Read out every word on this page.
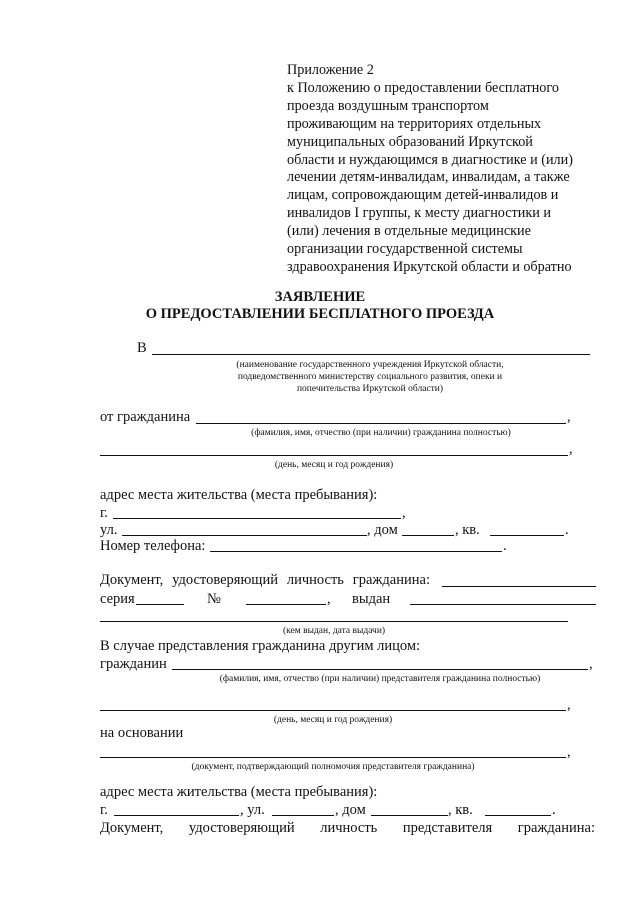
Приложение 2
к Положению о предоставлении бесплатного
проезда воздушным транспортом
проживающим на территориях отдельных
муниципальных образований Иркутской
области и нуждающимся в диагностике и (или)
лечении детям-инвалидам, инвалидам, а также
лицам, сопровождающим детей-инвалидов и
инвалидов I группы, к месту диагностики и
(или) лечения в отдельные медицинские
организации государственной системы
здравоохранения Иркутской области и обратно
ЗАЯВЛЕНИЕ
О ПРЕДОСТАВЛЕНИИ БЕСПЛАТНОГО ПРОЕЗДА
В
(наименование государственного учреждения Иркутской области,
подведомственного министерству социального развития, опеки и
попечительства Иркутской области)
от гражданина	,
(фамилия, имя, отчество (при наличии) гражданина полностью)
,
(день, месяц и год рождения)
адрес места жительства (места пребывания):
г.	,
ул.	, дом	, кв.	.
Номер телефона:	.
Документ, удостоверяющий личность гражданина:
серия	№	, выдан
(кем выдан, дата выдачи)
В случае представления гражданина другим лицом:
гражданин	,
(фамилия, имя, отчество (при наличии) представителя гражданина полностью)
,
(день, месяц и год рождения)
на основании
,
(документ, подтверждающий полномочия представителя гражданина)
адрес места жительства (места пребывания):
г.	, ул.	, дом	, кв.	.
Документ, удостоверяющий личность представителя гражданина:
